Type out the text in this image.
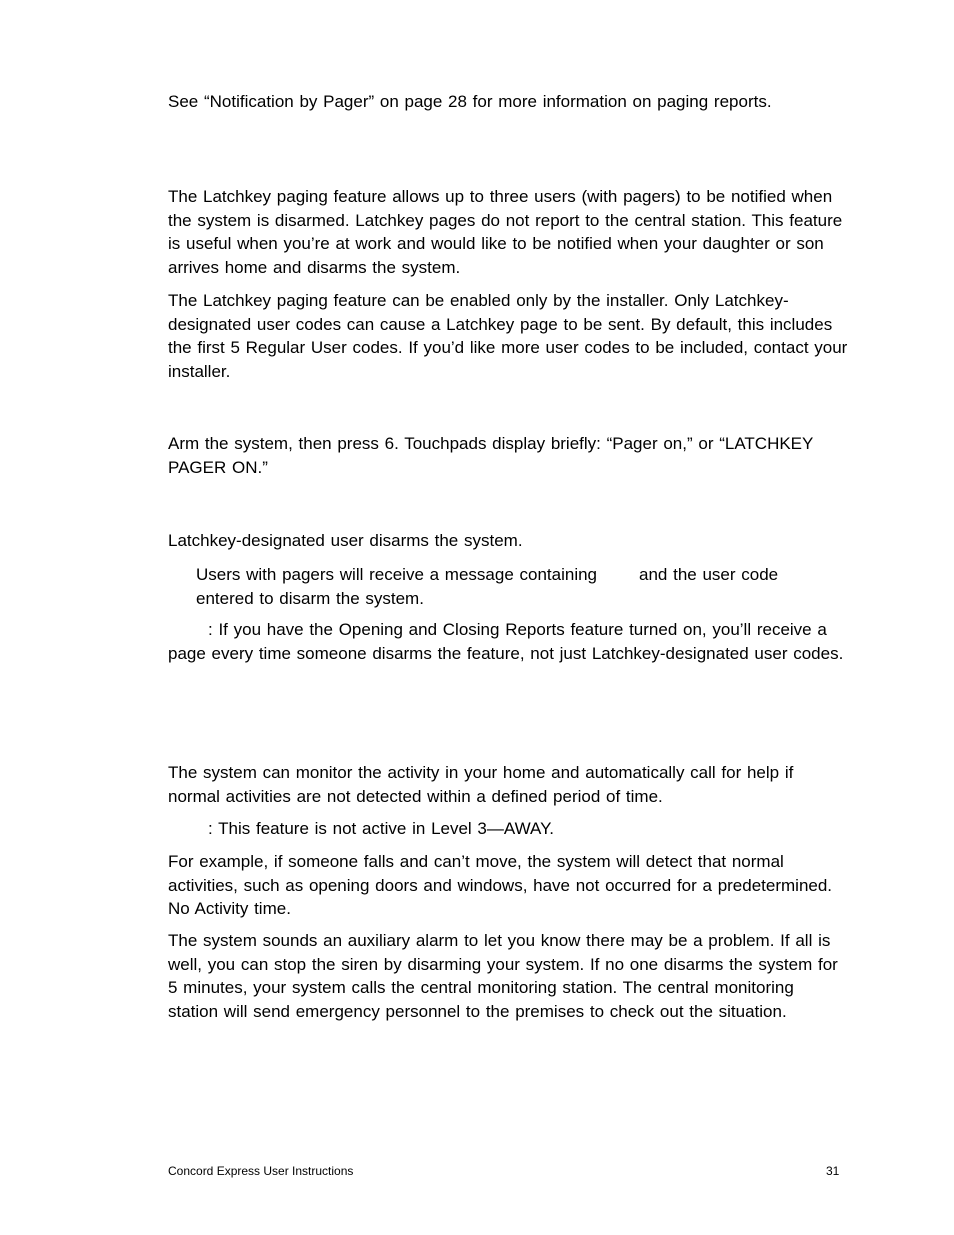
See “Notification by Pager” on page 28 for more information on paging reports.

The Latchkey paging feature allows up to three users (with pagers) to be notified when the system is disarmed. Latchkey pages do not report to the central station. This feature is useful when you’re at work and would like to be notified when your daughter or son arrives home and disarms the system.

The Latchkey paging feature can be enabled only by the installer. Only Latchkey-designated user codes can cause a Latchkey page to be sent. By default, this includes the first 5 Regular User codes. If you’d like more user codes to be included, contact your installer.

Arm the system, then press 6. Touchpads display briefly: “Pager on,” or “LATCHKEY PAGER ON.”

Latchkey-designated user disarms the system.

Users with pagers will receive a message containing and the user code entered to disarm the system.

: If you have the Opening and Closing Reports feature turned on, you’ll receive a page every time someone disarms the feature, not just Latchkey-designated user codes.

The system can monitor the activity in your home and automatically call for help if normal activities are not detected within a defined period of time.

: This feature is not active in Level 3—AWAY.

For example, if someone falls and can’t move, the system will detect that normal activities, such as opening doors and windows, have not occurred for a predetermined. No Activity time.

The system sounds an auxiliary alarm to let you know there may be a problem. If all is well, you can stop the siren by disarming your system. If no one disarms the system for 5 minutes, your system calls the central monitoring station. The central monitoring station will send emergency personnel to the premises to check out the situation.

Concord Express User Instructions	31
